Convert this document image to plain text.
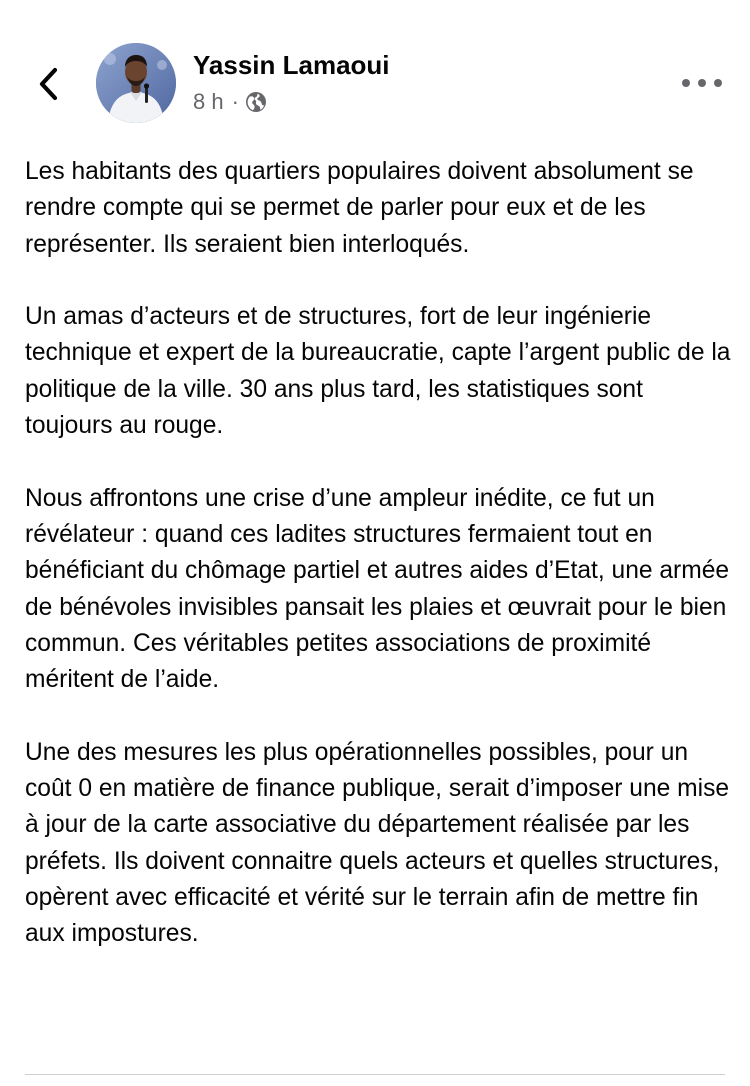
Yassin Lamaoui
8 h ·

Les habitants des quartiers populaires doivent absolument se rendre compte qui se permet de parler pour eux et de les représenter. Ils seraient bien interloqués.

Un amas d’acteurs et de structures, fort de leur ingénierie technique et expert de la bureaucratie, capte l’argent public de la politique de la ville. 30 ans plus tard, les statistiques sont toujours au rouge.

Nous affrontons une crise d’une ampleur inédite, ce fut un révélateur : quand ces ladites structures fermaient tout en bénéficiant du chômage partiel et autres aides d’Etat, une armée de bénévoles invisibles pansait les plaies et œuvrait pour le bien commun. Ces véritables petites associations de proximité méritent de l’aide.

Une des mesures les plus opérationnelles possibles, pour un coût 0 en matière de finance publique, serait d’imposer une mise à jour de la carte associative du département réalisée par les préfets. Ils doivent connaitre quels acteurs et quelles structures, opèrent avec efficacité et vérité sur le terrain afin de mettre fin aux impostures.
